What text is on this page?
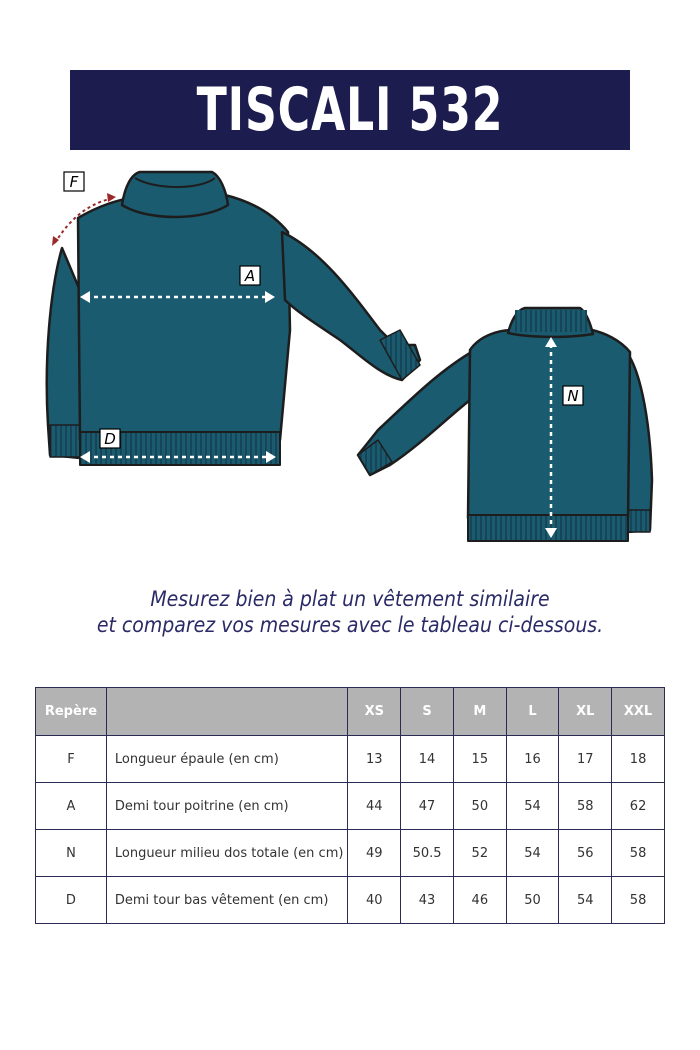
TISCALI 532
F
A
D
N
Mesurez bien à plat un vêtement similaire
et comparez vos mesures avec le tableau ci-dessous.
Repère		XS	S	M	L	XL	XXL
F	Longueur épaule (en cm)	13	14	15	16	17	18
A	Demi tour poitrine (en cm)	44	47	50	54	58	62
N	Longueur milieu dos totale (en cm)	49	50.5	52	54	56	58
D	Demi tour bas vêtement (en cm)	40	43	46	50	54	58
